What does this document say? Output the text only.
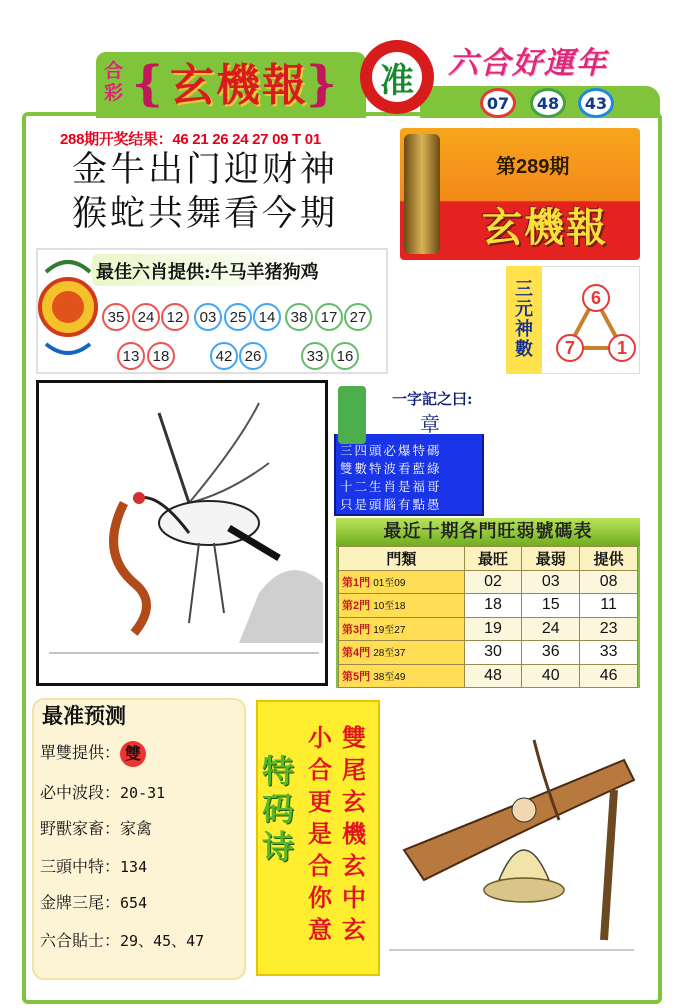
合彩 { 玄機報
} 准 六合好運年
07	48	43
288期开奖结果：46 21 26 24 27 09 T 01
金牛出门迎财神
猴蛇共舞看今期
第289期
玄機報
最佳六肖提供:牛马羊猪狗鸡
35 24 12	03 25 14	38 17 27
13 18	42 26	33 16
三元神數
6
7	1
一字記之曰:
章
三四頭必爆特碼
雙數特波看藍綠
十二生肖是福哥
只是頭腦有點愚
最近十期各門旺弱號碼表
門類	最旺	最弱	提供
第1門 01至09	02	03	08
第2門 10至18	18	15	11
第3門 19至27	19	24	23
第4門 28至37	30	36	33
第5門 38至49	48	40	46
最准预测
單雙提供： 雙
必中波段：20-31
野獸家畜：家禽
三頭中特：134
金牌三尾：654
六合貼士：29、45、47
特码诗
雙尾玄機玄中玄
小合更是合你意
